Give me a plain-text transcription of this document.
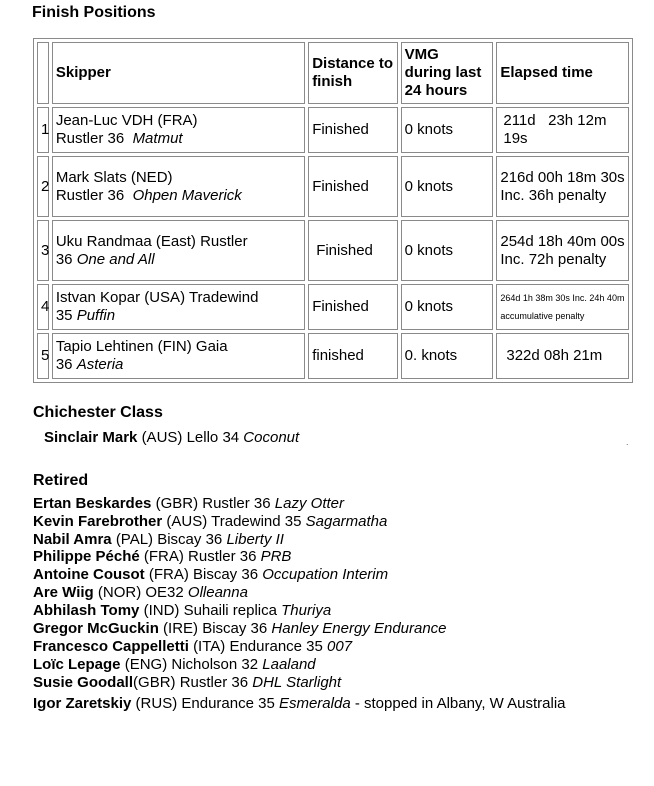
Finish Positions
	Skipper	Distance to finish	VMG during last 24 hours	Elapsed time
1	Jean-Luc VDH (FRA)
Rustler 36 Matmut	Finished	0 knots	211d   23h 12m 19s
2	Mark Slats (NED)
Rustler 36 Ohpen Maverick	Finished	0 knots	216d 00h 18m 30s Inc. 36h penalty
3	Uku Randmaa (East) Rustler
36 One and All	Finished	0 knots	254d 18h 40m 00s Inc. 72h penalty
4	Istvan Kopar (USA) Tradewind
35 Puffin	Finished	0 knots	264d 1h 38m 30s Inc. 24h 40m accumulative penalty
5	Tapio Lehtinen (FIN) Gaia
36 Asteria	finished	0. knots	322d 08h 21m
Chichester Class
Sinclair Mark (AUS) Lello 34 Coconut	.
Retired
Ertan Beskardes (GBR) Rustler 36 Lazy Otter
Kevin Farebrother (AUS) Tradewind 35 Sagarmatha
Nabil Amra (PAL) Biscay 36 Liberty II
Philippe Péché (FRA) Rustler 36 PRB
Antoine Cousot (FRA) Biscay 36 Occupation Interim
Are Wiig (NOR) OE32 Olleanna
Abhilash Tomy (IND) Suhaili replica Thuriya
Gregor McGuckin (IRE) Biscay 36 Hanley Energy Endurance
Francesco Cappelletti (ITA) Endurance 35 007
Loïc Lepage (ENG) Nicholson 32 Laaland
Susie Goodall(GBR) Rustler 36 DHL Starlight
Igor Zaretskiy (RUS) Endurance 35 Esmeralda - stopped in Albany, W Australia
